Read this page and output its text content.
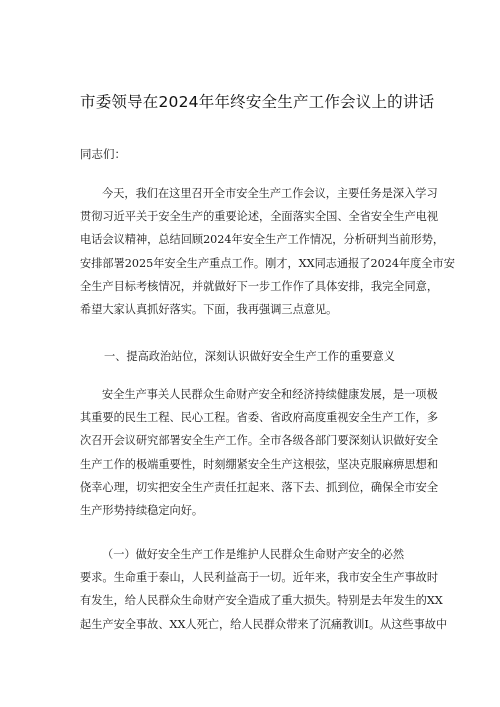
市委领导在2024年年终安全生产工作会议上的讲话
同志们：
今天，我们在这里召开全市安全生产工作会议，主要任务是深入学习
贯彻习近平关于安全生产的重要论述，全面落实全国、全省安全生产电视
电话会议精神，总结回顾2024年安全生产工作情况，分析研判当前形势，
安排部署2025年安全生产重点工作。刚才，XX同志通报了2024年度全市安
全生产目标考核情况，并就做好下一步工作作了具体安排，我完全同意，
希望大家认真抓好落实。下面，我再强调三点意见。
一、提高政治站位，深刻认识做好安全生产工作的重要意义
安全生产事关人民群众生命财产安全和经济持续健康发展，是一项极
其重要的民生工程、民心工程。省委、省政府高度重视安全生产工作，多
次召开会议研究部署安全生产工作。全市各级各部门要深刻认识做好安全
生产工作的极端重要性，时刻绷紧安全生产这根弦，坚决克服麻痹思想和
侥幸心理，切实把安全生产责任扛起来、落下去、抓到位，确保全市安全
生产形势持续稳定向好。
（一）做好安全生产工作是维护人民群众生命财产安全的必然
要求。生命重于泰山，人民利益高于一切。近年来，我市安全生产事故时
有发生，给人民群众生命财产安全造成了重大损失。特别是去年发生的XX
起生产安全事故、XX人死亡，给人民群众带来了沉痛教训I。从这些事故中
